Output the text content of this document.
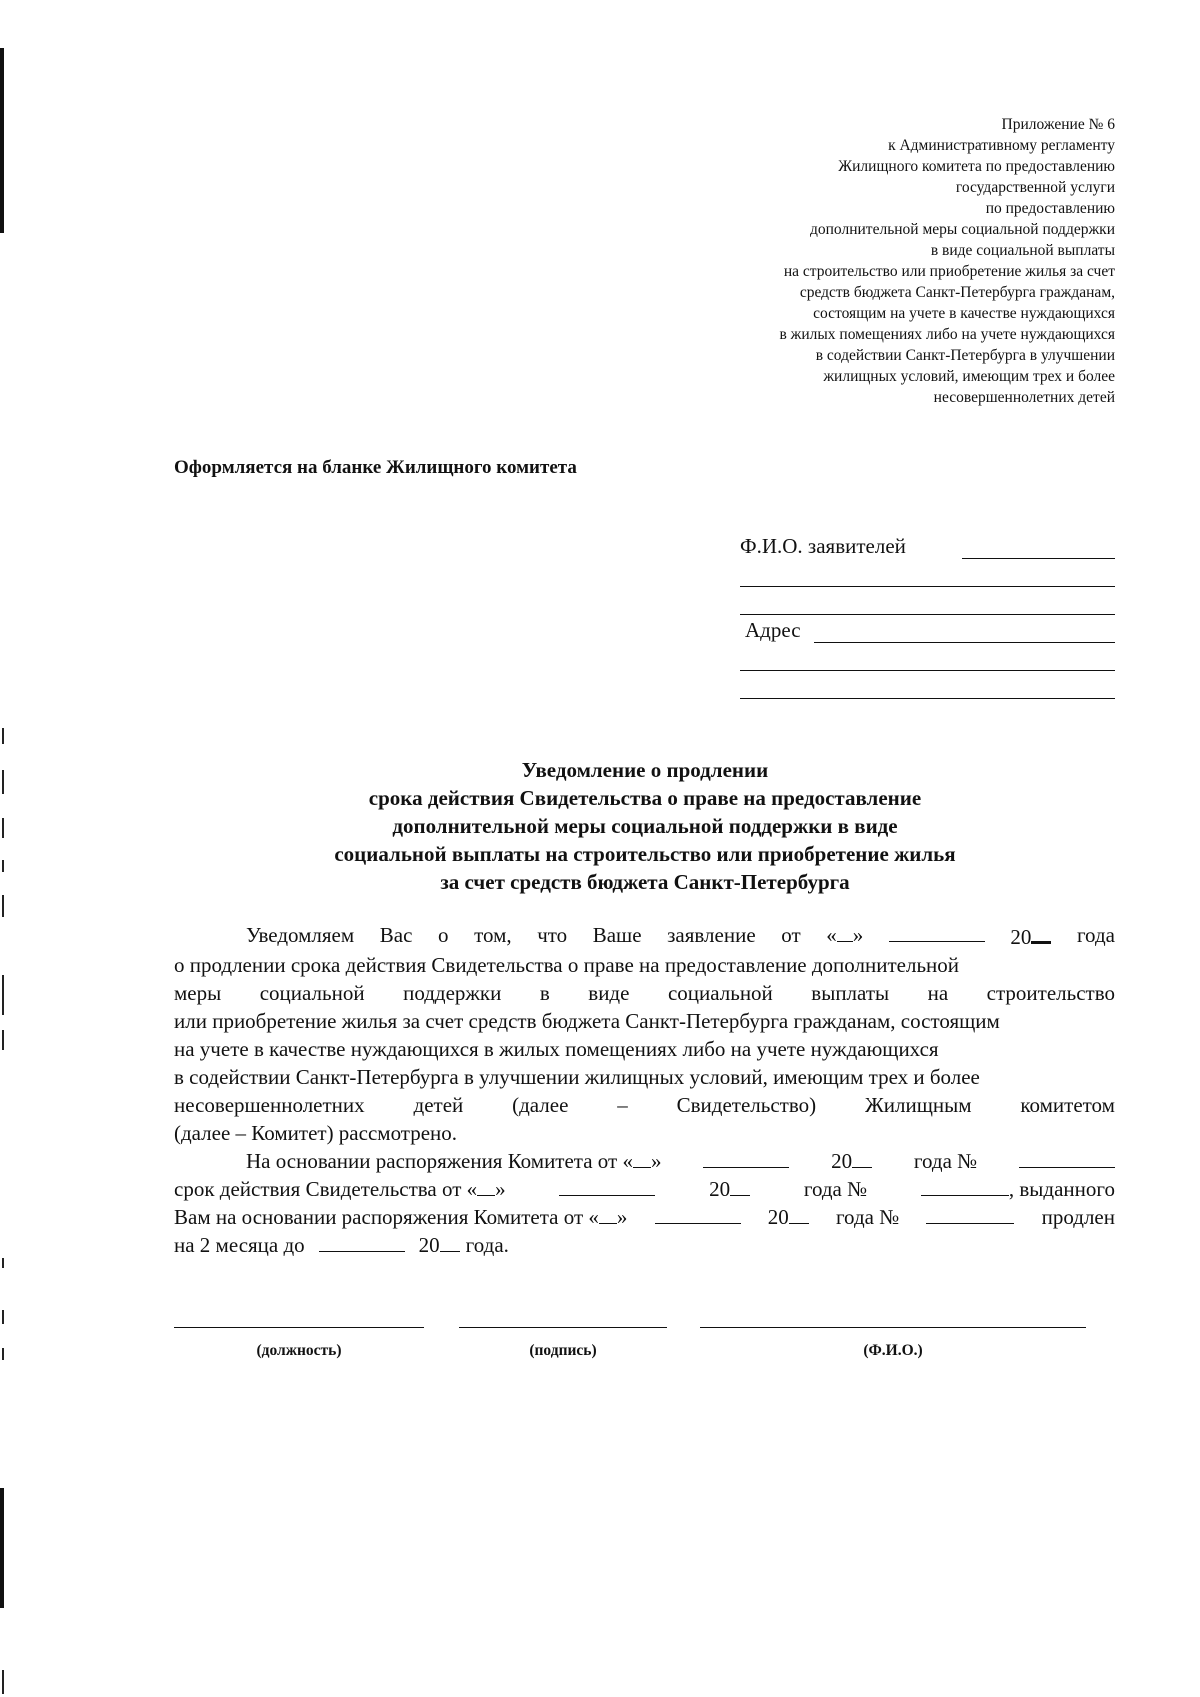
Приложение № 6
к Административному регламенту
Жилищного комитета по предоставлению
государственной услуги
по предоставлению
дополнительной меры социальной поддержки
в виде социальной выплаты
на строительство или приобретение жилья за счет
средств бюджета Санкт-Петербурга гражданам,
состоящим на учете в качестве нуждающихся
в жилых помещениях либо на учете нуждающихся
в содействии Санкт-Петербурга в улучшении
жилищных условий, имеющим трех и более
несовершеннолетних детей
Оформляется на бланке Жилищного комитета
Ф.И.О. заявителей
Адрес
Уведомление о продлении
срока действия Свидетельства о праве на предоставление
дополнительной меры социальной поддержки в виде
социальной выплаты на строительство или приобретение жилья
за счет средств бюджета Санкт-Петербурга
Уведомляем Вас о том, что Ваше заявление от « »	20	года
о продлении срока действия Свидетельства о праве на предоставление дополнительной
меры социальной поддержки в виде социальной выплаты на строительство
или приобретение жилья за счет средств бюджета Санкт-Петербурга гражданам, состоящим
на учете в качестве нуждающихся в жилых помещениях либо на учете нуждающихся
в содействии Санкт-Петербурга в улучшении жилищных условий, имеющим трех и более
несовершеннолетних детей (далее – Свидетельство) Жилищным комитетом
(далее – Комитет) рассмотрено.
На основании распоряжения Комитета от « »	20	года №
срок действия Свидетельства от « »	20	года №	, выданного
Вам на основании распоряжения Комитета от « »	20	года №	продлен
на 2 месяца до	20	года.
(должность)	(подпись)	(Ф.И.О.)
